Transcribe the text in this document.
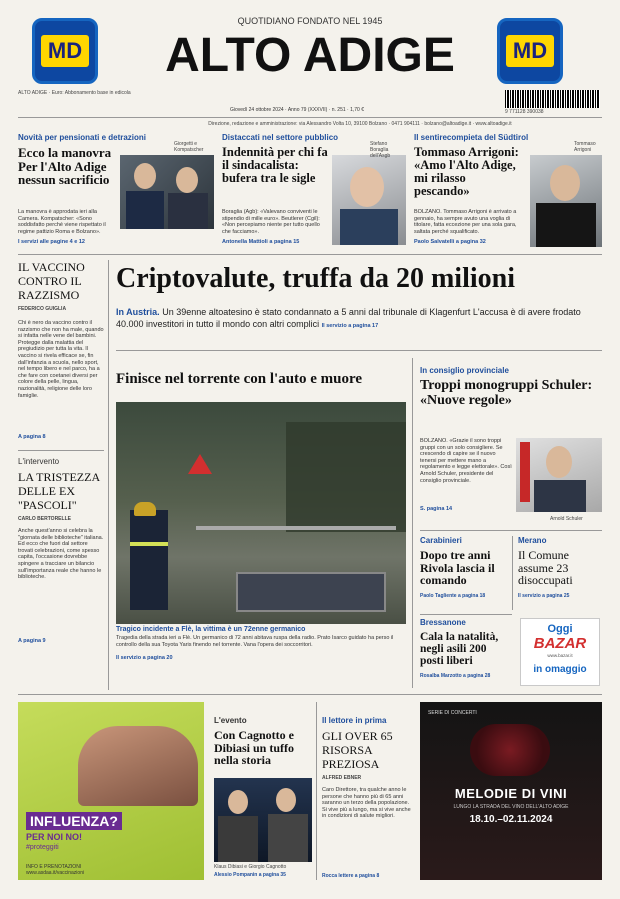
MD	MD
QUOTIDIANO FONDATO NEL 1945
ALTO ADIGE
ALTO ADIGE · Euro: Abbonamento base in edicola
Giovedì 24 ottobre 2024 · Anno 79 (XXXVII) · n. 251 · 1,70 €	9 771128 390038
Direzione, redazione e amministrazione: via Alessandro Volta 10, 39100 Bolzano · 0471 904111 · bolzano@altoadige.it · www.altoadige.it
Novità per pensionati e detrazioni
Ecco la manovra Per l'Alto Adige nessun sacrificio
Giorgetti e Kompatscher
La manovra è approdata ieri alla Camera. Kompatscher: «Sono soddisfatto perché viene rispettato il regime pattizio Roma e Bolzano».
I servizi alle pagine 4 e 12
Distaccati nel settore pubblico
Indennità per chi fa il sindacalista: bufera tra le sigle
Stefano Boraglia dell'Asgb
Boraglia (Agb): «Valevano conviventi le stipendio di mille euro». Beutlerer (Cgil): «Non percepiamo niente per tutto quello che facciamo».
Antonella Mattioli a pagina 15
Il sentirecompieta del Südtirol
Tommaso Arrigoni: «Amo l'Alto Adige, mi rilasso pescando»
Tommaso Arrigoni
BOLZANO. Tommaso Arrigoni è arrivato a gennaio, ha sempre avuto una voglia di titolare, fatta eccezione per una sola gara, saltata perché squalificato.
Paolo Salvatelli a pagina 32
IL VACCINO CONTRO IL RAZZISMO
FEDERICO GUIGLIA
Chi è nero da vaccino contro il razzismo che non ha male, quando si infatta nelle vene del bambini. Protegge dalla malattia del pregiudizio per tutta la vita. Il vaccino si rivela efficace se, fin dall'infanzia a scuola, nello sport, nel tempo libero e nel parco, ha a che fare con coetanei diversi per colore della pelle, lingua, nazionalità, religione delle loro famiglie.
A pagina 8
L'intervento
LA TRISTEZZA DELLE EX "PASCOLI"
CARLO BERTORELLE
Anche quest'anno si celebra la "giornata delle biblioteche" italiana. Ed ecco che fuori dal settore trovati celebrazioni, come spesso capita, l'occasione dovrebbe spingere a tracciare un bilancio sull'importanza reale che hanno le biblioteche.
A pagina 9
Criptovalute, truffa da 20 milioni
In Austria. Un 39enne altoatesino è stato condannato a 5 anni dal tribunale di Klagenfurt L'accusa è di avere frodato 40.000 investitori in tutto il mondo con altri complici Il servizio a pagina 17
Finisce nel torrente con l'auto e muore
Tragico incidente a Flè, la vittima è un 72enne germanico
Tragedia della strada ieri a Flè. Un germanico di 72 anni abitava ruspa della radio. Prato Isarco guidato ha perso il controllo della sua Toyota Yaris finendo nel torrente. Vana l'opera dei soccorritori.
Il servizio a pagina 20
In consiglio provinciale
Troppi monogruppi Schuler: «Nuove regole»
BOLZANO. «Grazie il sono troppi gruppi con un solo consigliere. Se crescendo di capire se il nuovo tenersi per mettere mano a regolamento e legge elettorale». Così Arnold Schuler, presidente del consiglio provinciale.
S. pagina 14
Arnold Schuler
Carabinieri
Dopo tre anni Rivola lascia il comando
Paolo Tagliente a pagina 18
Merano
Il Comune assume 23 disoccupati
Il servizio a pagina 25
Bressanone
Cala la natalità, negli asili 200 posti liberi
Rosalba Marzotto a pagina 28
Oggi
BAZAR
www.bazar.it
in omaggio
INFLUENZA?
PER NOI NO!
#proteggiti
INFO E PRENOTAZIONI www.asdaa.it/vaccinazioni
L'evento
Con Cagnotto e Dibiasi un tuffo nella storia
Klaus Dibiasi e Giorgio Cagnotto
Alessio Pompanin a pagina 35
Il lettore in prima
GLI OVER 65 RISORSA PREZIOSA
ALFRED EBNER
Caro Direttore, tra qualche anno le persone che hanno più di 65 anni saranno un terzo della popolazione. Si vive più a lungo, ma si vive anche in condizioni di salute migliori.
Rocca lettere a pagina 8
SERIE DI CONCERTI
MELODIE DI VINI
LUNGO LA STRADA DEL VINO DELL'ALTO ADIGE
18.10.–02.11.2024
